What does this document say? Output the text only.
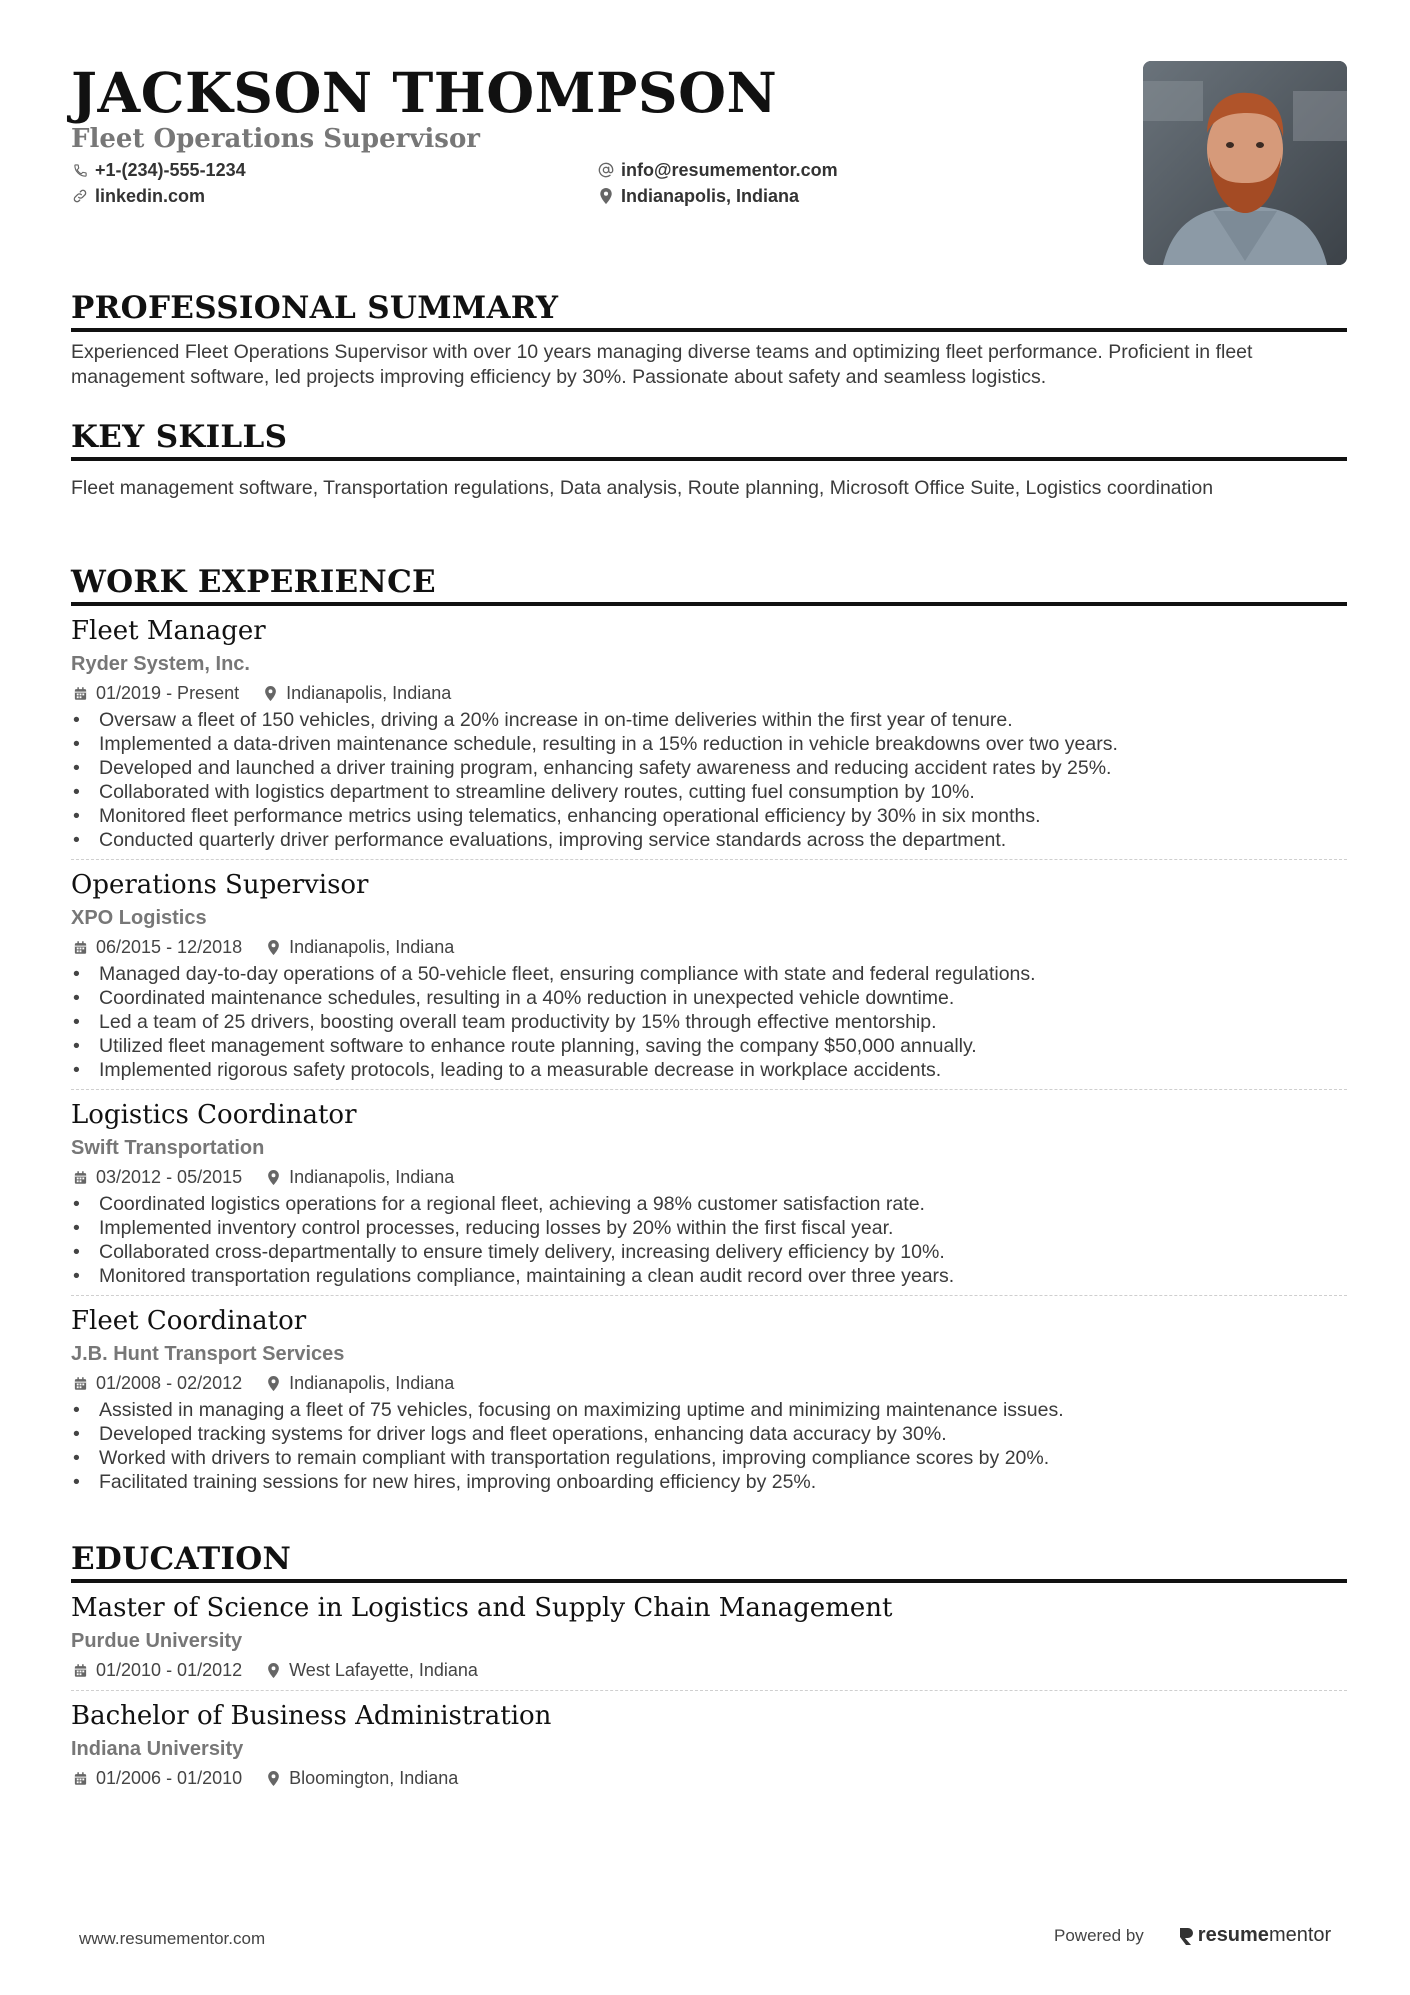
JACKSON THOMPSON
Fleet Operations Supervisor
+1-(234)-555-1234
linkedin.com
info@resumementor.com
Indianapolis, Indiana
PROFESSIONAL SUMMARY
Experienced Fleet Operations Supervisor with over 10 years managing diverse teams and optimizing fleet performance. Proficient in fleet management software, led projects improving efficiency by 30%. Passionate about safety and seamless logistics.
KEY SKILLS
Fleet management software, Transportation regulations, Data analysis, Route planning, Microsoft Office Suite, Logistics coordination
WORK EXPERIENCE
Fleet Manager
Ryder System, Inc.
01/2019 - Present	Indianapolis, Indiana
• Oversaw a fleet of 150 vehicles, driving a 20% increase in on-time deliveries within the first year of tenure.
• Implemented a data-driven maintenance schedule, resulting in a 15% reduction in vehicle breakdowns over two years.
• Developed and launched a driver training program, enhancing safety awareness and reducing accident rates by 25%.
• Collaborated with logistics department to streamline delivery routes, cutting fuel consumption by 10%.
• Monitored fleet performance metrics using telematics, enhancing operational efficiency by 30% in six months.
• Conducted quarterly driver performance evaluations, improving service standards across the department.
Operations Supervisor
XPO Logistics
06/2015 - 12/2018	Indianapolis, Indiana
• Managed day-to-day operations of a 50-vehicle fleet, ensuring compliance with state and federal regulations.
• Coordinated maintenance schedules, resulting in a 40% reduction in unexpected vehicle downtime.
• Led a team of 25 drivers, boosting overall team productivity by 15% through effective mentorship.
• Utilized fleet management software to enhance route planning, saving the company $50,000 annually.
• Implemented rigorous safety protocols, leading to a measurable decrease in workplace accidents.
Logistics Coordinator
Swift Transportation
03/2012 - 05/2015	Indianapolis, Indiana
• Coordinated logistics operations for a regional fleet, achieving a 98% customer satisfaction rate.
• Implemented inventory control processes, reducing losses by 20% within the first fiscal year.
• Collaborated cross-departmentally to ensure timely delivery, increasing delivery efficiency by 10%.
• Monitored transportation regulations compliance, maintaining a clean audit record over three years.
Fleet Coordinator
J.B. Hunt Transport Services
01/2008 - 02/2012	Indianapolis, Indiana
• Assisted in managing a fleet of 75 vehicles, focusing on maximizing uptime and minimizing maintenance issues.
• Developed tracking systems for driver logs and fleet operations, enhancing data accuracy by 30%.
• Worked with drivers to remain compliant with transportation regulations, improving compliance scores by 20%.
• Facilitated training sessions for new hires, improving onboarding efficiency by 25%.
EDUCATION
Master of Science in Logistics and Supply Chain Management
Purdue University
01/2010 - 01/2012	West Lafayette, Indiana
Bachelor of Business Administration
Indiana University
01/2006 - 01/2010	Bloomington, Indiana
www.resumementor.com	Powered by	resume mentor
